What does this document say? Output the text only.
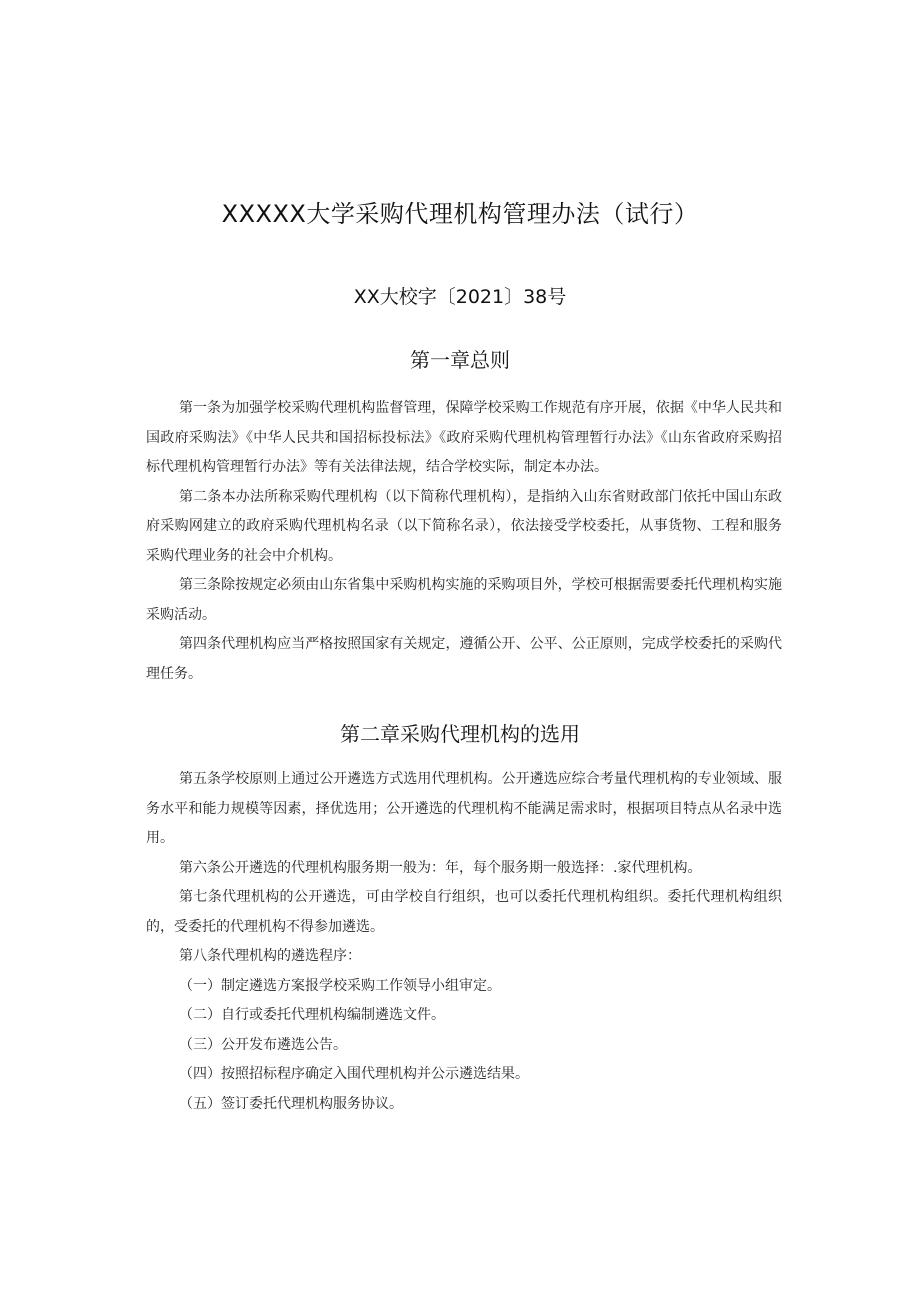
XXXXX大学采购代理机构管理办法（试行）
XX大校字〔2021〕38号
第一章总则

第一条为加强学校采购代理机构监督管理，保障学校采购工作规范有序开展，依据《中华人民共和国政府采购法》《中华人民共和国招标投标法》《政府采购代理机构管理暂行办法》《山东省政府采购招标代理机构管理暂行办法》等有关法律法规，结合学校实际，制定本办法。

第二条本办法所称采购代理机构（以下简称代理机构），是指纳入山东省财政部门依托中国山东政府采购网建立的政府采购代理机构名录（以下简称名录），依法接受学校委托，从事货物、工程和服务采购代理业务的社会中介机构。

第三条除按规定必须由山东省集中采购机构实施的采购项目外，学校可根据需要委托代理机构实施采购活动。

第四条代理机构应当严格按照国家有关规定，遵循公开、公平、公正原则，完成学校委托的采购代理任务。

第二章采购代理机构的选用

第五条学校原则上通过公开遴选方式选用代理机构。公开遴选应综合考量代理机构的专业领域、服务水平和能力规模等因素，择优选用；公开遴选的代理机构不能满足需求时，根据项目特点从名录中选用。

第六条公开遴选的代理机构服务期一般为：年，每个服务期一般选择：.家代理机构。

第七条代理机构的公开遴选，可由学校自行组织，也可以委托代理机构组织。委托代理机构组织的，受委托的代理机构不得参加遴选。

第八条代理机构的遴选程序：

（一）制定遴选方案报学校采购工作领导小组审定。

（二）自行或委托代理机构编制遴选文件。

（三）公开发布遴选公告。

（四）按照招标程序确定入围代理机构并公示遴选结果。

（五）签订委托代理机构服务协议。
